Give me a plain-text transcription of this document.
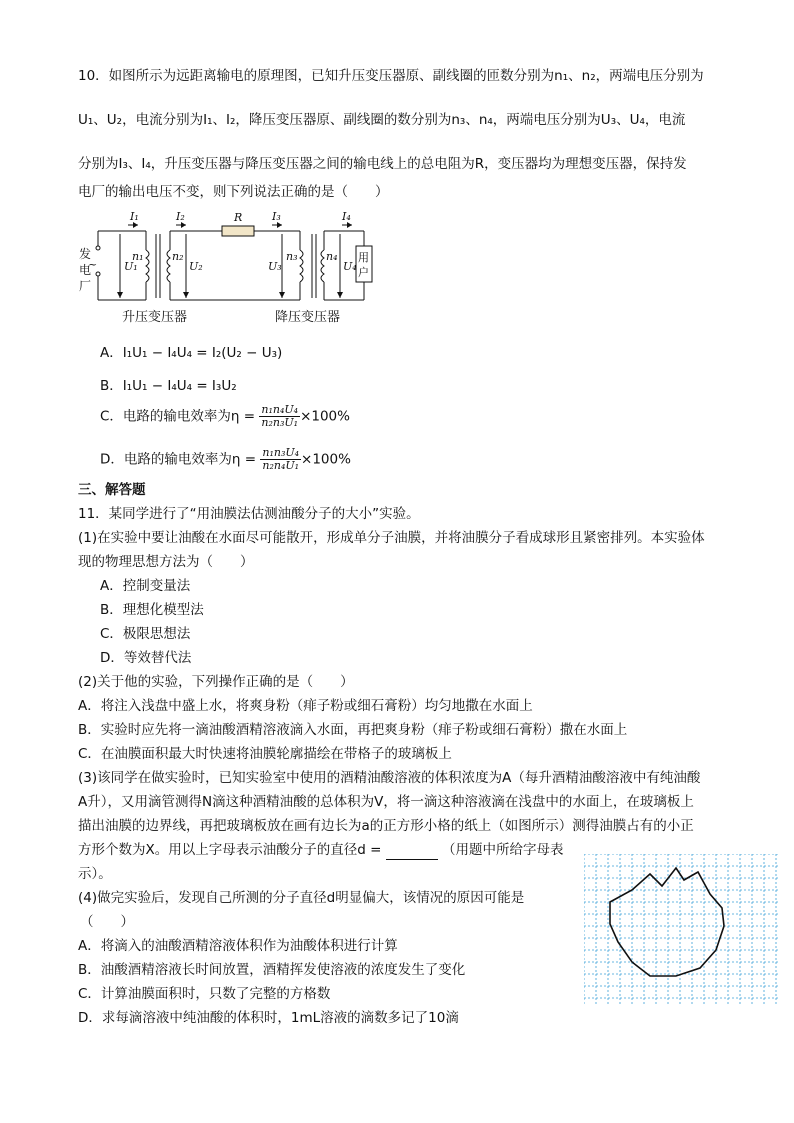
10．如图所示为远距离输电的原理图，已知升压变压器原、副线圈的匝数分别为n₁、n₂，两端电压分别为
U₁、U₂，电流分别为I₁、I₂，降压变压器原、副线圈的数分别为n₃、n₄，两端电压分别为U₃、U₄，电流
分别为I₃、I₄，升压变压器与降压变压器之间的输电线上的总电阻为R，变压器均为理想变压器，保持发
电厂的输出电压不变，则下列说法正确的是（　　）
I₁	I₂	R	I₃	I₄
U₁
n₁	n₂
U₂	U₃
n₃	n₄
U₄
发电厂
用户
~
升压变压器	降压变压器
A．I₁U₁ − I₄U₄ = I₂(U₂ − U₃)
B．I₁U₁ − I₄U₄ = I₃U₂
C．电路的输电效率为$\eta = \frac{\text{n₁n₄U₄}}{\text{n₂n₃U₁}} \times 100\%$
D．电路的输电效率为$\eta = \frac{\text{n₁n₃U₄}}{\text{n₂n₄U₁}} \times 100\%$
三、解答题
11．某同学进行了“用油膜法估测油酸分子的大小”实验。
(1)在实验中要让油酸在水面尽可能散开，形成单分子油膜，并将油膜分子看成球形且紧密排列。本实验体
现的物理思想方法为（　　）
A．控制变量法
B．理想化模型法
C．极限思想法
D．等效替代法
(2)关于他的实验，下列操作正确的是（　　）
A．将注入浅盘中盛上水，将爽身粉（痱子粉或细石膏粉）均匀地撒在水面上
B．实验时应先将一滴油酸酒精溶液滴入水面，再把爽身粉（痱子粉或细石膏粉）撒在水面上
C．在油膜面积最大时快速将油膜轮廓描绘在带格子的玻璃板上
(3)该同学在做实验时，已知实验室中使用的酒精油酸溶液的体积浓度为A（每升酒精油酸溶液中有纯油酸
A升），又用滴管测得N滴这种酒精油酸的总体积为V，将一滴这种溶液滴在浅盘中的水面上，在玻璃板上
描出油膜的边界线，再把玻璃板放在画有边长为a的正方形小格的纸上（如图所示）测得油膜占有的小正
方形个数为X。用以上字母表示油酸分子的直径d =	（用题中所给字母表
示）。
(4)做完实验后，发现自己所测的分子直径d明显偏大，该情况的原因可能是
（　　）
A．将滴入的油酸酒精溶液体积作为油酸体积进行计算
B．油酸酒精溶液长时间放置，酒精挥发使溶液的浓度发生了变化
C．计算油膜面积时，只数了完整的方格数
D．求每滴溶液中纯油酸的体积时，1mL溶液的滴数多记了10滴
